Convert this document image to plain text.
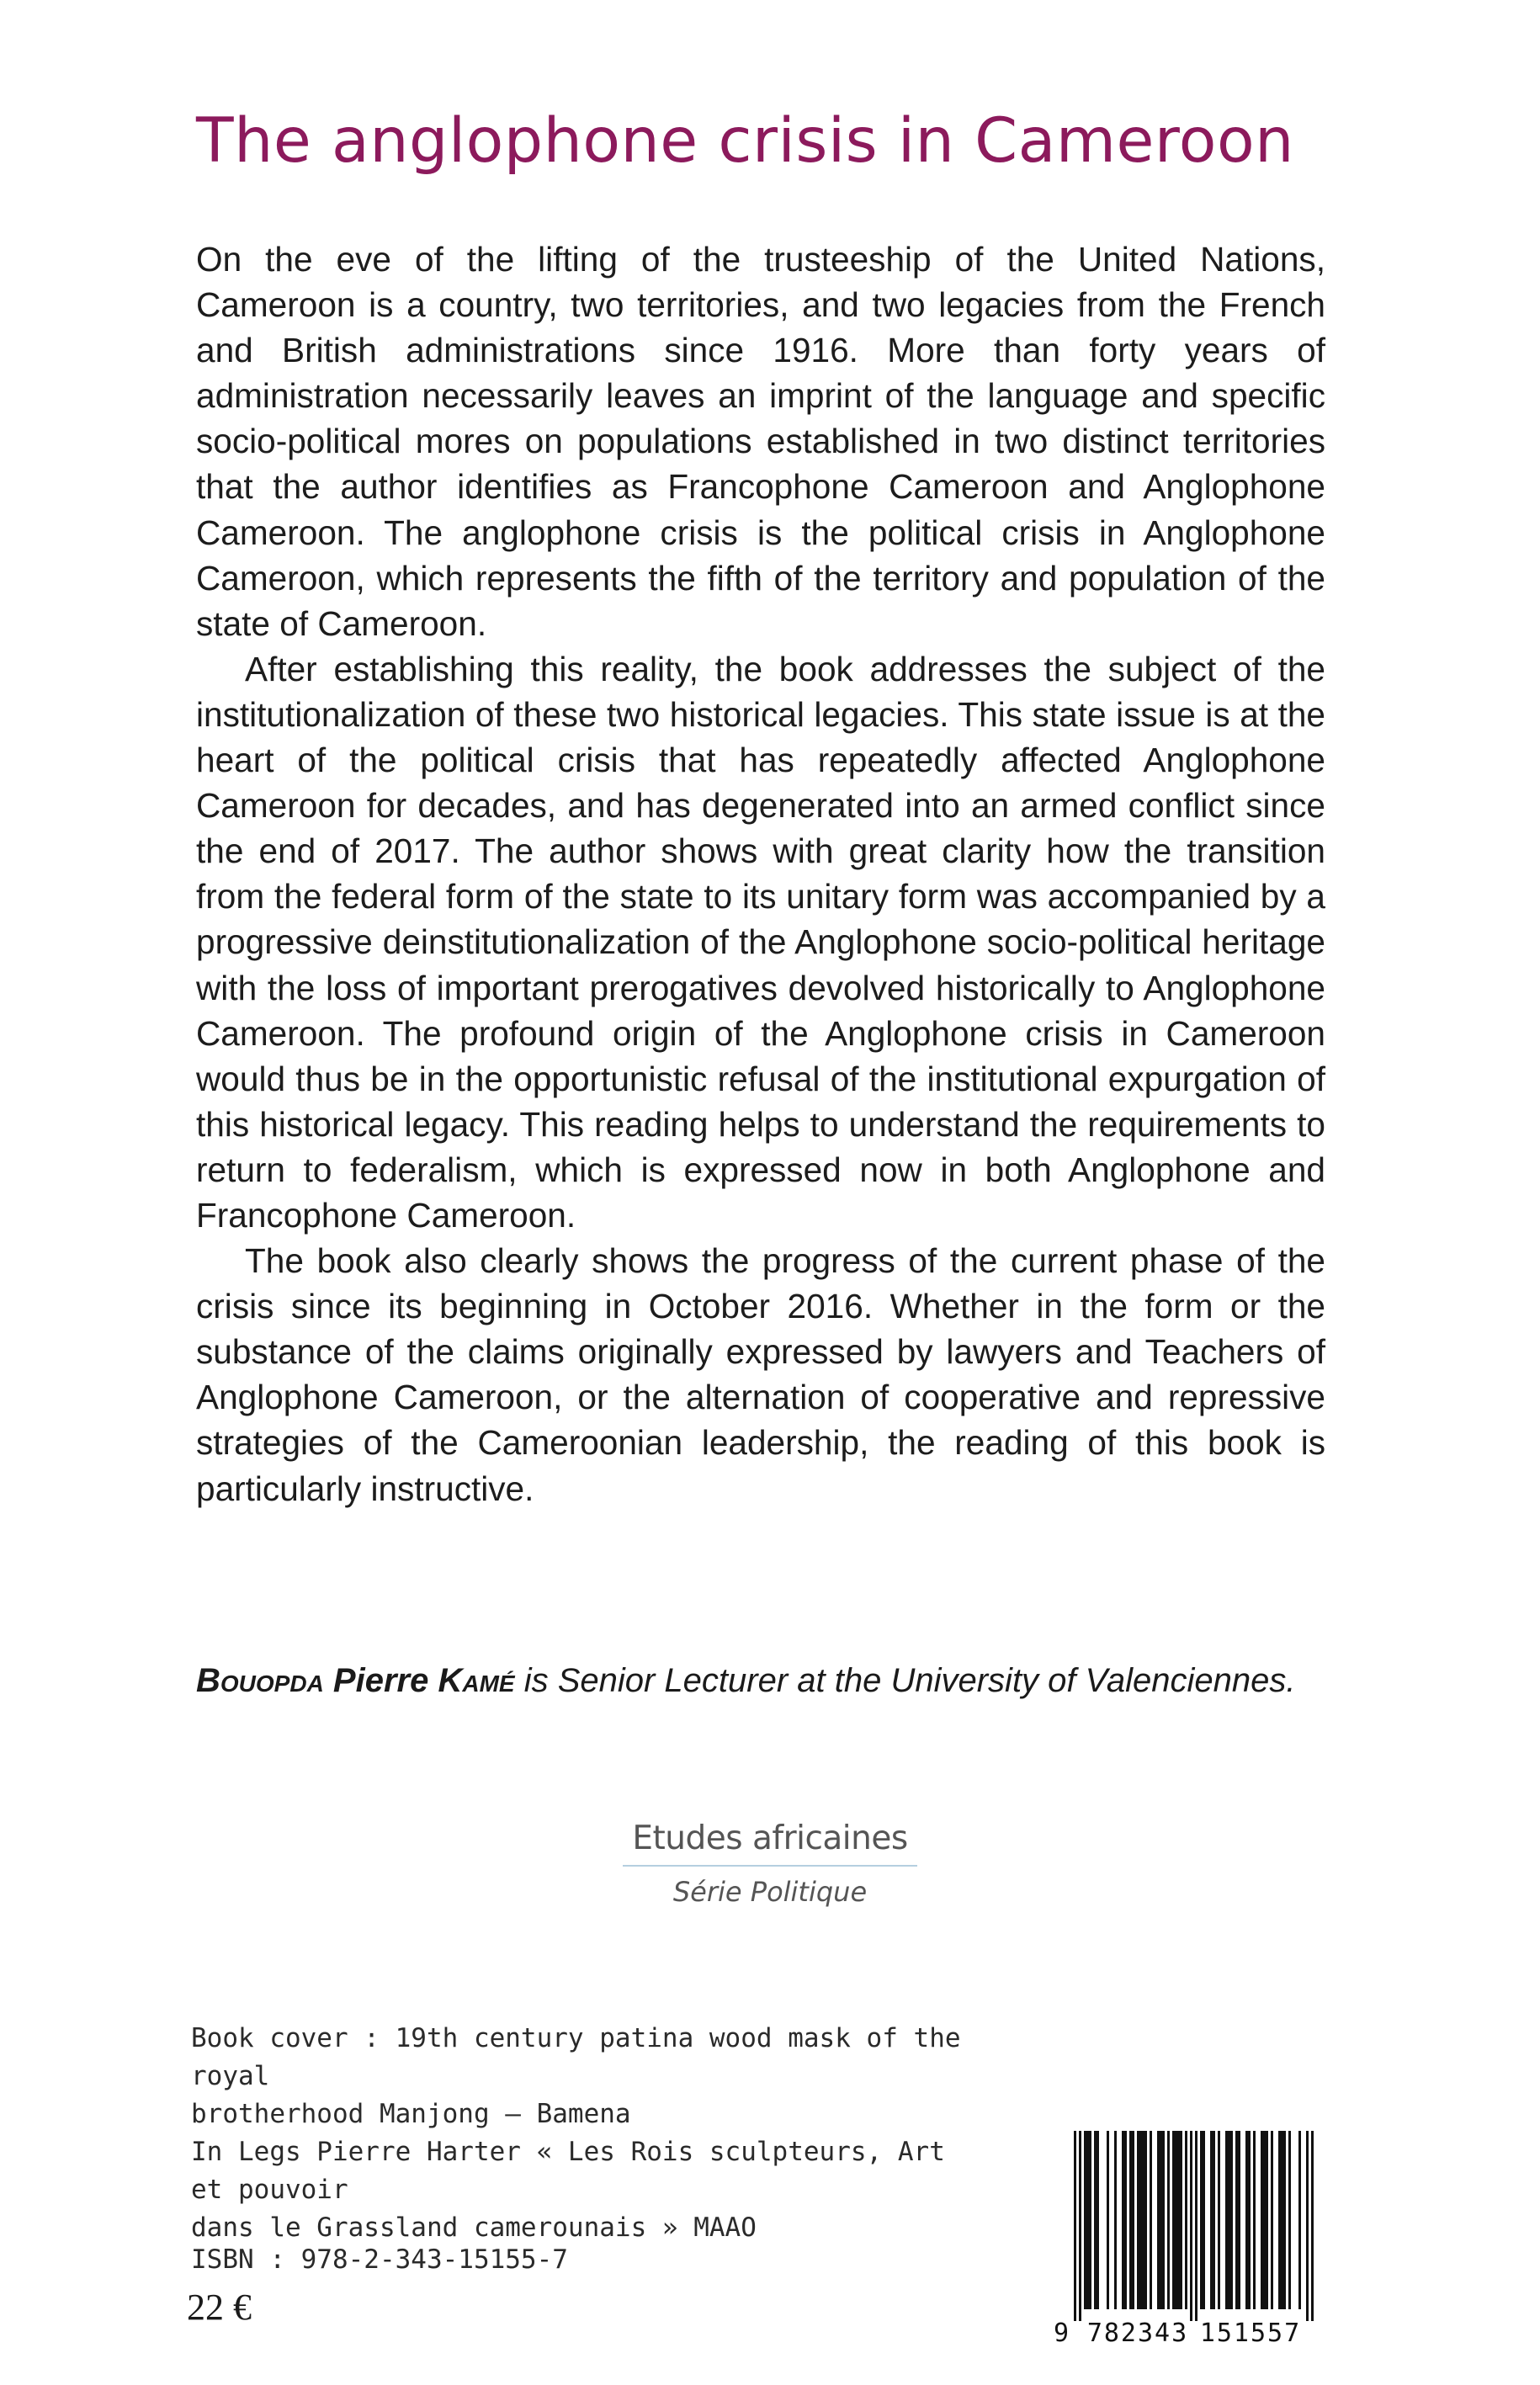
The anglophone crisis in Cameroon

On the eve of the lifting of the trusteeship of the United Nations, Cameroon is a country, two territories, and two legacies from the French and British administrations since 1916. More than forty years of administration necessarily leaves an imprint of the language and specific socio-political mores on populations established in two distinct territories that the author identifies as Francophone Cameroon and Anglophone Cameroon. The anglophone crisis is the political crisis in Anglophone Cameroon, which represents the fifth of the territory and population of the state of Cameroon.

After establishing this reality, the book addresses the subject of the institutionalization of these two historical legacies. This state issue is at the heart of the political crisis that has repeatedly affected Anglophone Cameroon for decades, and has degenerated into an armed conflict since the end of 2017. The author shows with great clarity how the transition from the federal form of the state to its unitary form was accompanied by a progressive deinstitutionalization of the Anglophone socio-political heritage with the loss of important prerogatives devolved historically to Anglophone Cameroon. The profound origin of the Anglophone crisis in Cameroon would thus be in the opportunistic refusal of the institutional expurgation of this historical legacy. This reading helps to understand the requirements to return to federalism, which is expressed now in both Anglophone and Francophone Cameroon.

The book also clearly shows the progress of the current phase of the crisis since its beginning in October 2016. Whether in the form or the substance of the claims originally expressed by lawyers and Teachers of Anglophone Cameroon, or the alternation of cooperative and repressive strategies of the Cameroonian leadership, the reading of this book is particularly instructive.

Bouopda Pierre Kamé is Senior Lecturer at the University of Valenciennes.
Etudes africaines
Série Politique
Book cover : 19th century patina wood mask of the royal
brotherhood Manjong – Bamena
In Legs Pierre Harter « Les Rois sculpteurs, Art et pouvoir
dans le Grassland camerounais » MAAO
ISBN : 978-2-343-15155-7
22 €
9 782343 151557
